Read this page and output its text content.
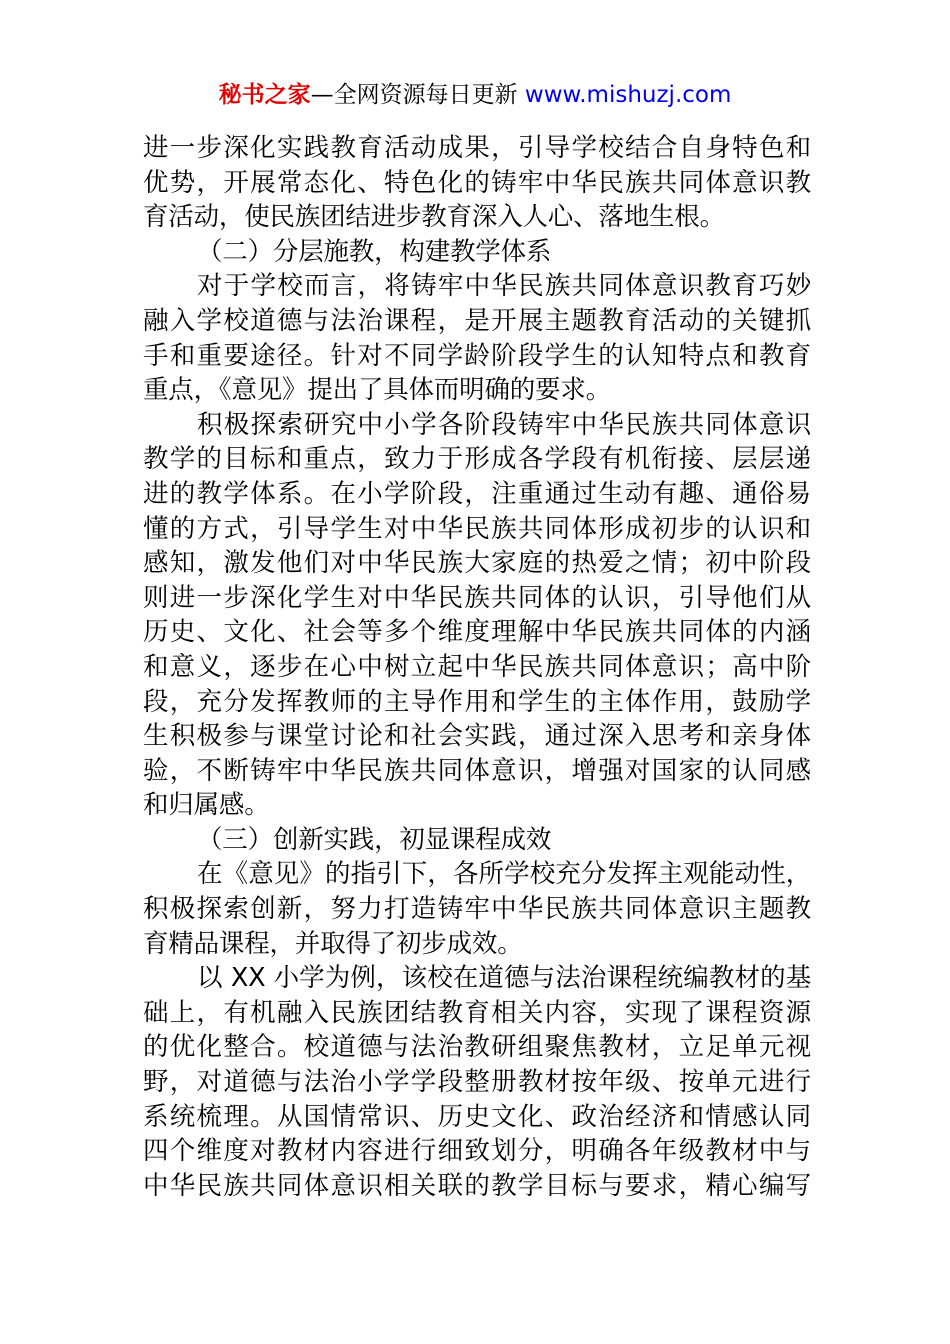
秘书之家—全网资源每日更新 www.mishuzj.com
进一步深化实践教育活动成果，引导学校结合自身特色和
优势，开展常态化、特色化的铸牢中华民族共同体意识教
育活动，使民族团结进步教育深入人心、落地生根。
（二）分层施教，构建教学体系
对于学校而言，将铸牢中华民族共同体意识教育巧妙
融入学校道德与法治课程，是开展主题教育活动的关键抓
手和重要途径。针对不同学龄阶段学生的认知特点和教育
重点，《意见》提出了具体而明确的要求。
积极探索研究中小学各阶段铸牢中华民族共同体意识
教学的目标和重点，致力于形成各学段有机衔接、层层递
进的教学体系。在小学阶段，注重通过生动有趣、通俗易
懂的方式，引导学生对中华民族共同体形成初步的认识和
感知，激发他们对中华民族大家庭的热爱之情；初中阶段
则进一步深化学生对中华民族共同体的认识，引导他们从
历史、文化、社会等多个维度理解中华民族共同体的内涵
和意义，逐步在心中树立起中华民族共同体意识；高中阶
段，充分发挥教师的主导作用和学生的主体作用，鼓励学
生积极参与课堂讨论和社会实践，通过深入思考和亲身体
验，不断铸牢中华民族共同体意识，增强对国家的认同感
和归属感。
（三）创新实践，初显课程成效
在《意见》的指引下，各所学校充分发挥主观能动性，
积极探索创新，努力打造铸牢中华民族共同体意识主题教
育精品课程，并取得了初步成效。
以 XX 小学为例，该校在道德与法治课程统编教材的基
础上，有机融入民族团结教育相关内容，实现了课程资源
的优化整合。校道德与法治教研组聚焦教材，立足单元视
野，对道德与法治小学学段整册教材按年级、按单元进行
系统梳理。从国情常识、历史文化、政治经济和情感认同
四个维度对教材内容进行细致划分，明确各年级教材中与
中华民族共同体意识相关联的教学目标与要求，精心编写
